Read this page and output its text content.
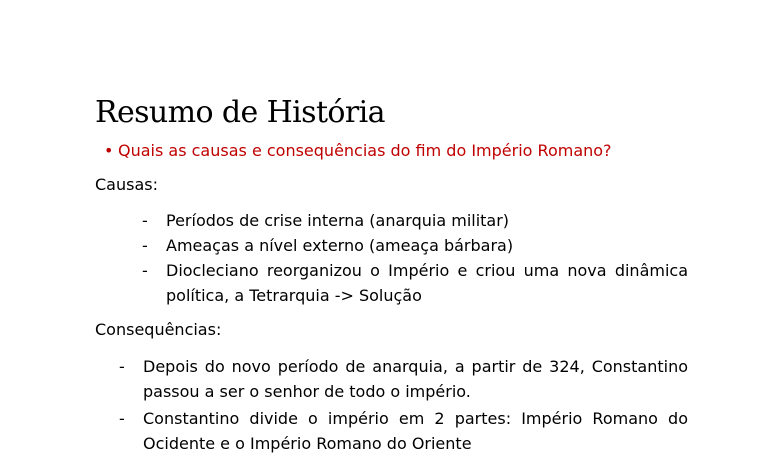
Resumo de História

• Quais as causas e consequências do fim do Império Romano?

Causas:

- Períodos de crise interna (anarquia militar)
- Ameaças a nível externo (ameaça bárbara)
- Diocleciano reorganizou o Império e criou uma nova dinâmica política, a Tetrarquia -> Solução

Consequências:

- Depois do novo período de anarquia, a partir de 324, Constantino passou a ser o senhor de todo o império.
- Constantino divide o império em 2 partes: Império Romano do Ocidente e o Império Romano do Oriente
